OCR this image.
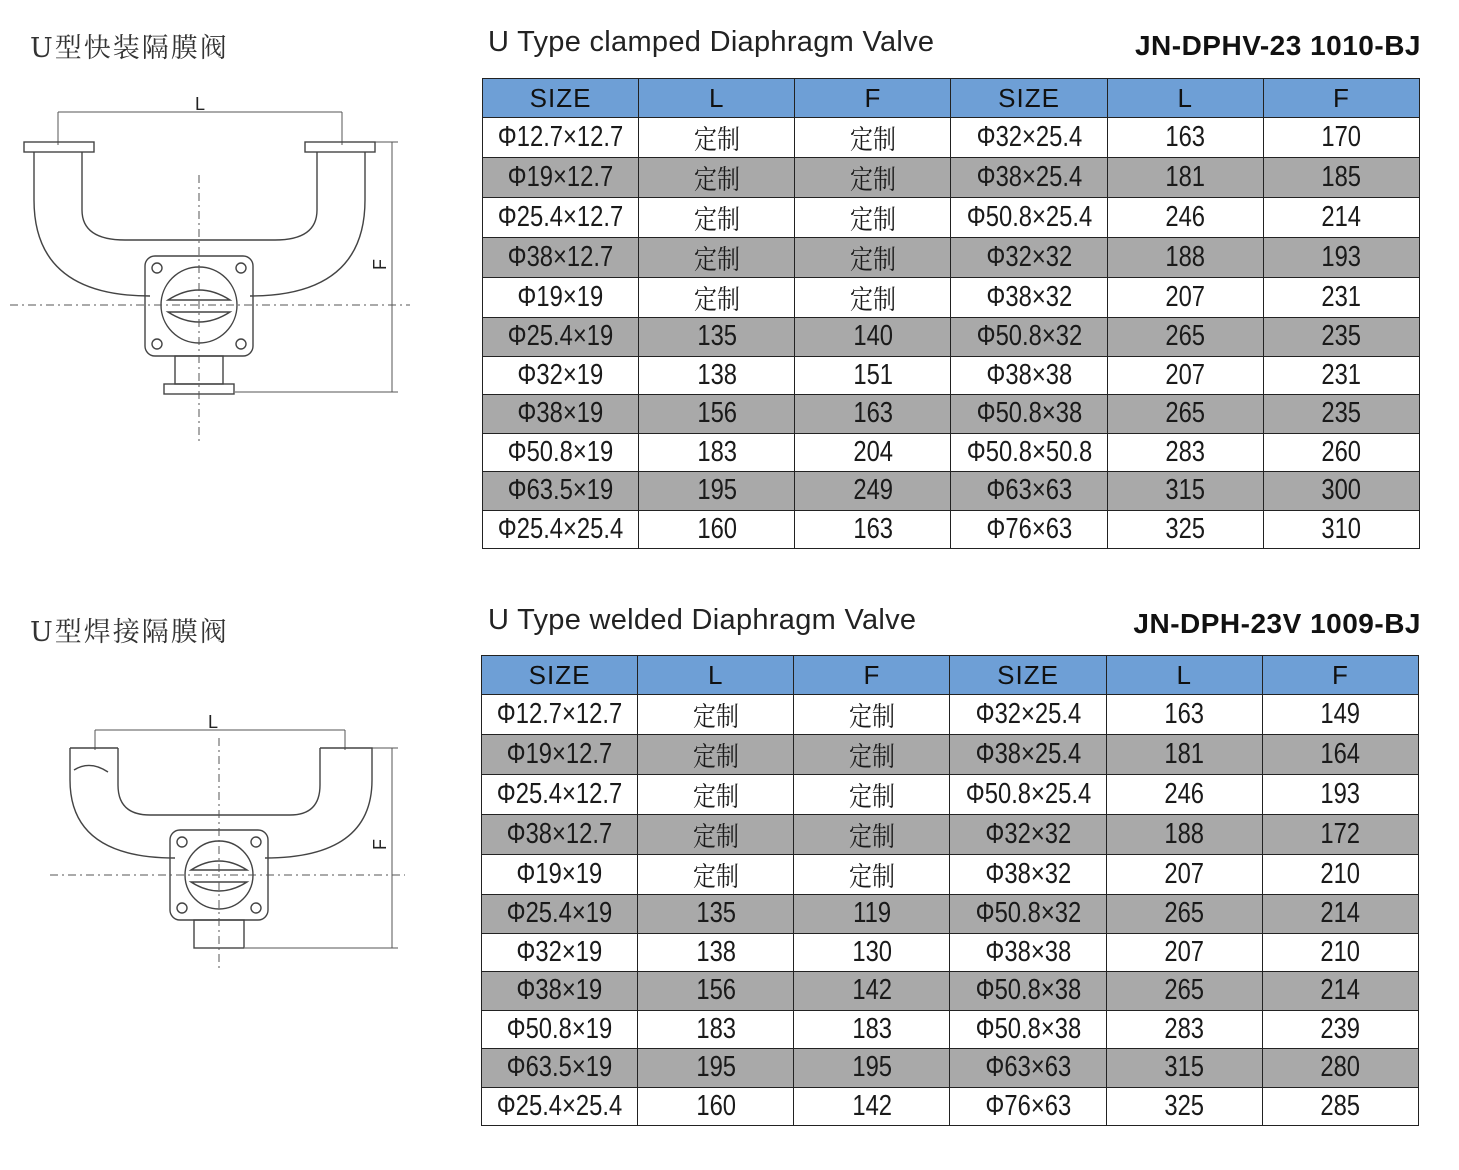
U型快装隔膜阀	U Type clamped Diaphragm Valve	JN-DPHV-23 1010-BJ
L
F
SIZE	L	F	SIZE	L	F
Φ12.7×12.7	定制	定制	Φ32×25.4	163	170
Φ19×12.7	定制	定制	Φ38×25.4	181	185
Φ25.4×12.7	定制	定制	Φ50.8×25.4	246	214
Φ38×12.7	定制	定制	Φ32×32	188	193
Φ19×19	定制	定制	Φ38×32	207	231
Φ25.4×19	135	140	Φ50.8×32	265	235
Φ32×19	138	151	Φ38×38	207	231
Φ38×19	156	163	Φ50.8×38	265	235
Φ50.8×19	183	204	Φ50.8×50.8	283	260
Φ63.5×19	195	249	Φ63×63	315	300
Φ25.4×25.4	160	163	Φ76×63	325	310
U型焊接隔膜阀	U Type welded Diaphragm Valve	JN-DPH-23V 1009-BJ
L
F
SIZE	L	F	SIZE	L	F
Φ12.7×12.7	定制	定制	Φ32×25.4	163	149
Φ19×12.7	定制	定制	Φ38×25.4	181	164
Φ25.4×12.7	定制	定制	Φ50.8×25.4	246	193
Φ38×12.7	定制	定制	Φ32×32	188	172
Φ19×19	定制	定制	Φ38×32	207	210
Φ25.4×19	135	119	Φ50.8×32	265	214
Φ32×19	138	130	Φ38×38	207	210
Φ38×19	156	142	Φ50.8×38	265	214
Φ50.8×19	183	183	Φ50.8×38	283	239
Φ63.5×19	195	195	Φ63×63	315	280
Φ25.4×25.4	160	142	Φ76×63	325	285
